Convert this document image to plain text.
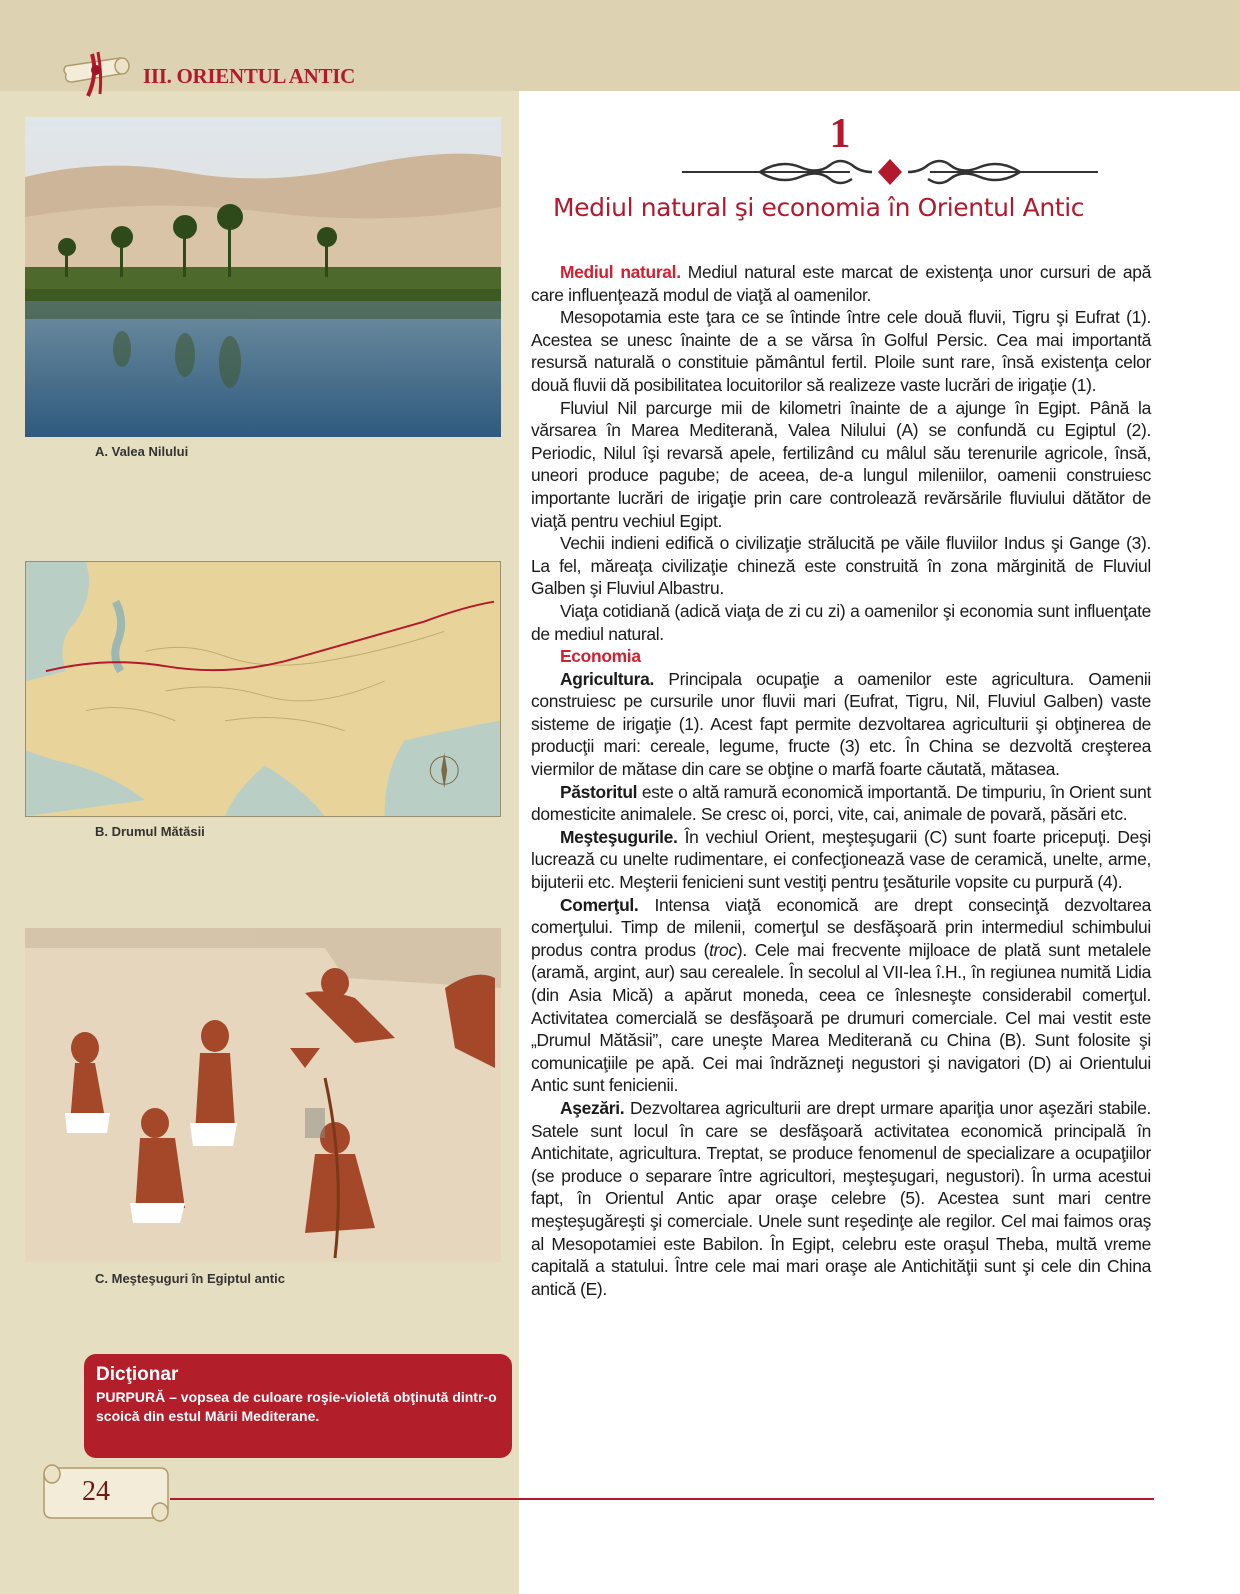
III. ORIENTUL ANTIC

A. Valea Nilului

B. Drumul Mătăsii

C. Meşteşuguri în Egiptul antic

Dicţionar

PURPURĂ – vopsea de culoare roşie-violetă obţinută dintr-o scoică din estul Mării Mediterane.

24

1

Mediul natural şi economia în Orientul Antic

Mediul natural. Mediul natural este marcat de existenţa unor cursuri de apă care influenţează modul de viaţă al oamenilor.

Mesopotamia este ţara ce se întinde între cele două fluvii, Tigru şi Eufrat (1). Acestea se unesc înainte de a se vărsa în Golful Persic. Cea mai importantă resursă naturală o constituie pământul fertil. Ploile sunt rare, însă existenţa celor două fluvii dă posibilitatea locuitorilor să realizeze vaste lucrări de irigaţie (1).

Fluviul Nil parcurge mii de kilometri înainte de a ajunge în Egipt. Până la vărsarea în Marea Mediterană, Valea Nilului (A) se confundă cu Egiptul (2). Periodic, Nilul îşi revarsă apele, fertilizând cu mâlul său terenurile agricole, însă, uneori produce pagube; de aceea, de-a lungul mileniilor, oamenii construiesc importante lucrări de irigaţie prin care controlează revărsările fluviului dătător de viaţă pentru vechiul Egipt.

Vechii indieni edifică o civilizaţie strălucită pe văile fluviilor Indus şi Gange (3). La fel, măreaţa civilizaţie chineză este construită în zona mărginită de Fluviul Galben şi Fluviul Albastru.

Viaţa cotidiană (adică viaţa de zi cu zi) a oamenilor şi economia sunt influenţate de mediul natural.

Economia

Agricultura. Principala ocupaţie a oamenilor este agricultura. Oamenii construiesc pe cursurile unor fluvii mari (Eufrat, Tigru, Nil, Fluviul Galben) vaste sisteme de irigaţie (1). Acest fapt permite dezvoltarea agriculturii şi obţinerea de producţii mari: cereale, legume, fructe (3) etc. În China se dezvoltă creşterea viermilor de mătase din care se obţine o marfă foarte căutată, mătasea.

Păstoritul este o altă ramură economică importantă. De timpuriu, în Orient sunt domesticite animalele. Se cresc oi, porci, vite, cai, animale de povară, păsări etc.

Meşteşugurile. În vechiul Orient, meşteşugarii (C) sunt foarte pricepuţi. Deşi lucrează cu unelte rudimentare, ei confecţionează vase de ceramică, unelte, arme, bijuterii etc. Meşterii fenicieni sunt vestiţi pentru ţesăturile vopsite cu purpură (4).

Comerţul. Intensa viaţă economică are drept consecinţă dezvoltarea comerţului. Timp de milenii, comerţul se desfăşoară prin intermediul schimbului produs contra produs (troc). Cele mai frecvente mijloace de plată sunt metalele (aramă, argint, aur) sau cerealele. În secolul al VII-lea î.H., în regiunea numită Lidia (din Asia Mică) a apărut moneda, ceea ce înlesneşte considerabil comerţul. Activitatea comercială se desfăşoară pe drumuri comerciale. Cel mai vestit este „Drumul Mătăsii”, care uneşte Marea Mediterană cu China (B). Sunt folosite şi comunicaţiile pe apă. Cei mai îndrăzneţi negustori şi navigatori (D) ai Orientului Antic sunt fenicienii.

Aşezări. Dezvoltarea agriculturii are drept urmare apariţia unor aşezări stabile. Satele sunt locul în care se desfăşoară activitatea economică principală în Antichitate, agricultura. Treptat, se produce fenomenul de specializare a ocupaţiilor (se produce o separare între agricultori, meşteşugari, negustori). În urma acestui fapt, în Orientul Antic apar oraşe celebre (5). Acestea sunt mari centre meşteşugăreşti şi comerciale. Unele sunt reşedinţe ale regilor. Cel mai faimos oraş al Mesopotamiei este Babilon. În Egipt, celebru este oraşul Theba, multă vreme capitală a statului. Între cele mai mari oraşe ale Antichităţii sunt şi cele din China antică (E).
